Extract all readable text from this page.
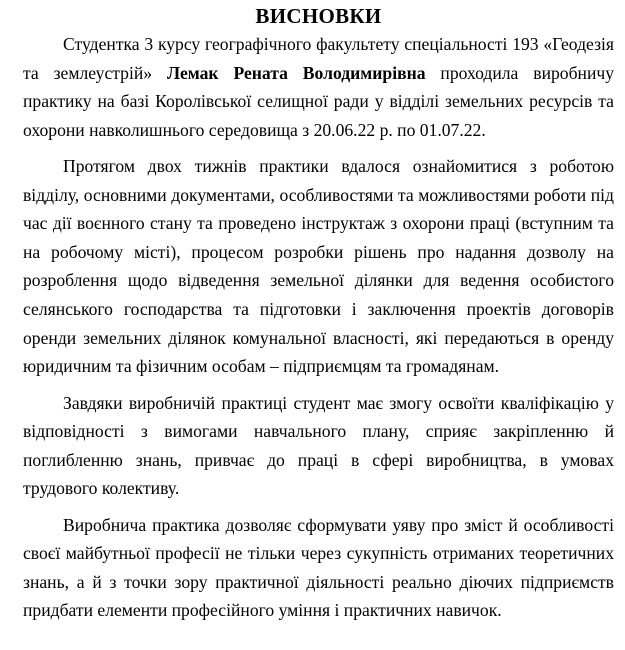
ВИСНОВКИ

Студентка 3 курсу географічного факультету спеціальності 193 «Геодезія та землеустрій» Лемак Рената Володимирівна проходила виробничу практику на базі Королівської селищної ради у відділі земельних ресурсів та охорони навколишнього середовища з 20.06.22 р. по 01.07.22.

Протягом двох тижнів практики вдалося ознайомитися з роботою відділу, основними документами, особливостями та можливостями роботи під час дії воєнного стану та проведено інструктаж з охорони праці (вступним та на робочому місті), процесом розробки рішень про надання дозволу на розроблення щодо відведення земельної ділянки для ведення особистого селянського господарства та підготовки і заключення проектів договорів оренди земельних ділянок комунальної власності, які передаються в оренду юридичним та фізичним особам – підприємцям та громадянам.

Завдяки виробничій практиці студент має змогу освоїти кваліфікацію у відповідності з вимогами навчального плану, сприяє закріпленню й поглибленню знань, привчає до праці в сфері виробництва, в умовах трудового колективу.

Виробнича практика дозволяє сформувати уяву про зміст й особливості своєї майбутньої професії не тільки через сукупність отриманих теоретичних знань, а й з точки зору практичної діяльності реально діючих підприємств придбати елементи професійного уміння і практичних навичок.
